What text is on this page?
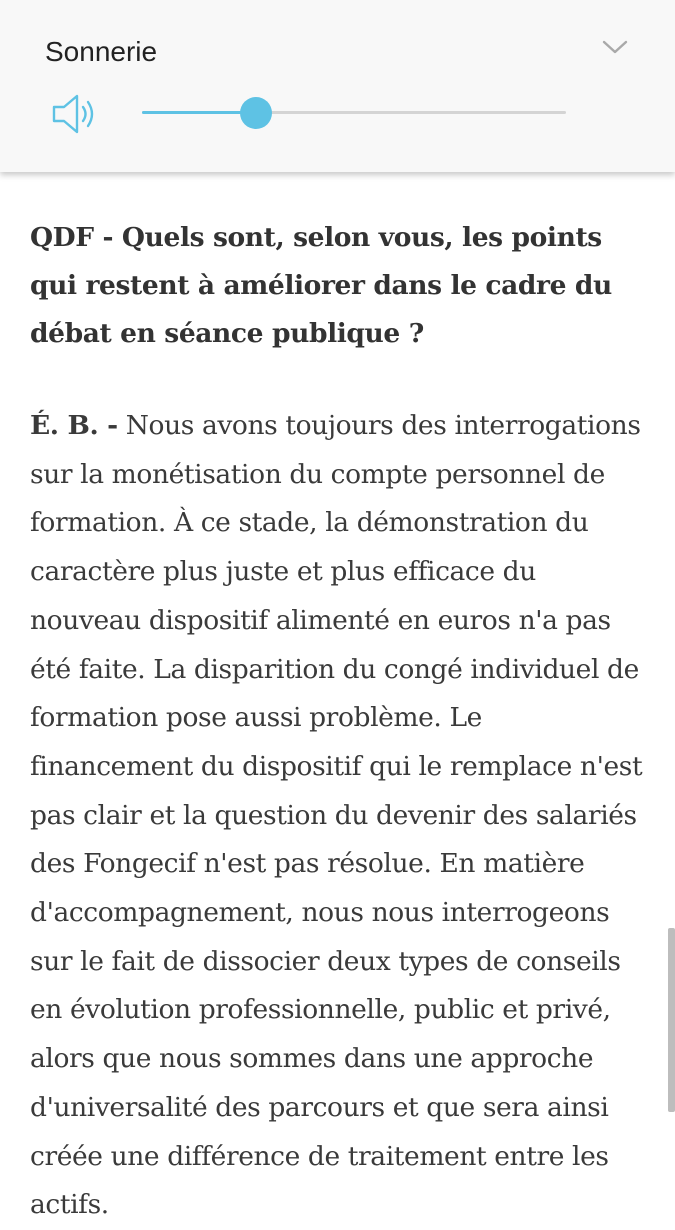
Sonnerie

QDF - Quels sont, selon vous, les points qui restent à améliorer dans le cadre du débat en séance publique ?

É. B. - Nous avons toujours des interrogations sur la monétisation du compte personnel de formation. À ce stade, la démonstration du caractère plus juste et plus efficace du nouveau dispositif alimenté en euros n'a pas été faite. La disparition du congé individuel de formation pose aussi problème. Le financement du dispositif qui le remplace n'est pas clair et la question du devenir des salariés des Fongecif n'est pas résolue. En matière d'accompagnement, nous nous interrogeons sur le fait de dissocier deux types de conseils en évolution professionnelle, public et privé, alors que nous sommes dans une approche d'universalité des parcours et que sera ainsi créée une différence de traitement entre les actifs.
